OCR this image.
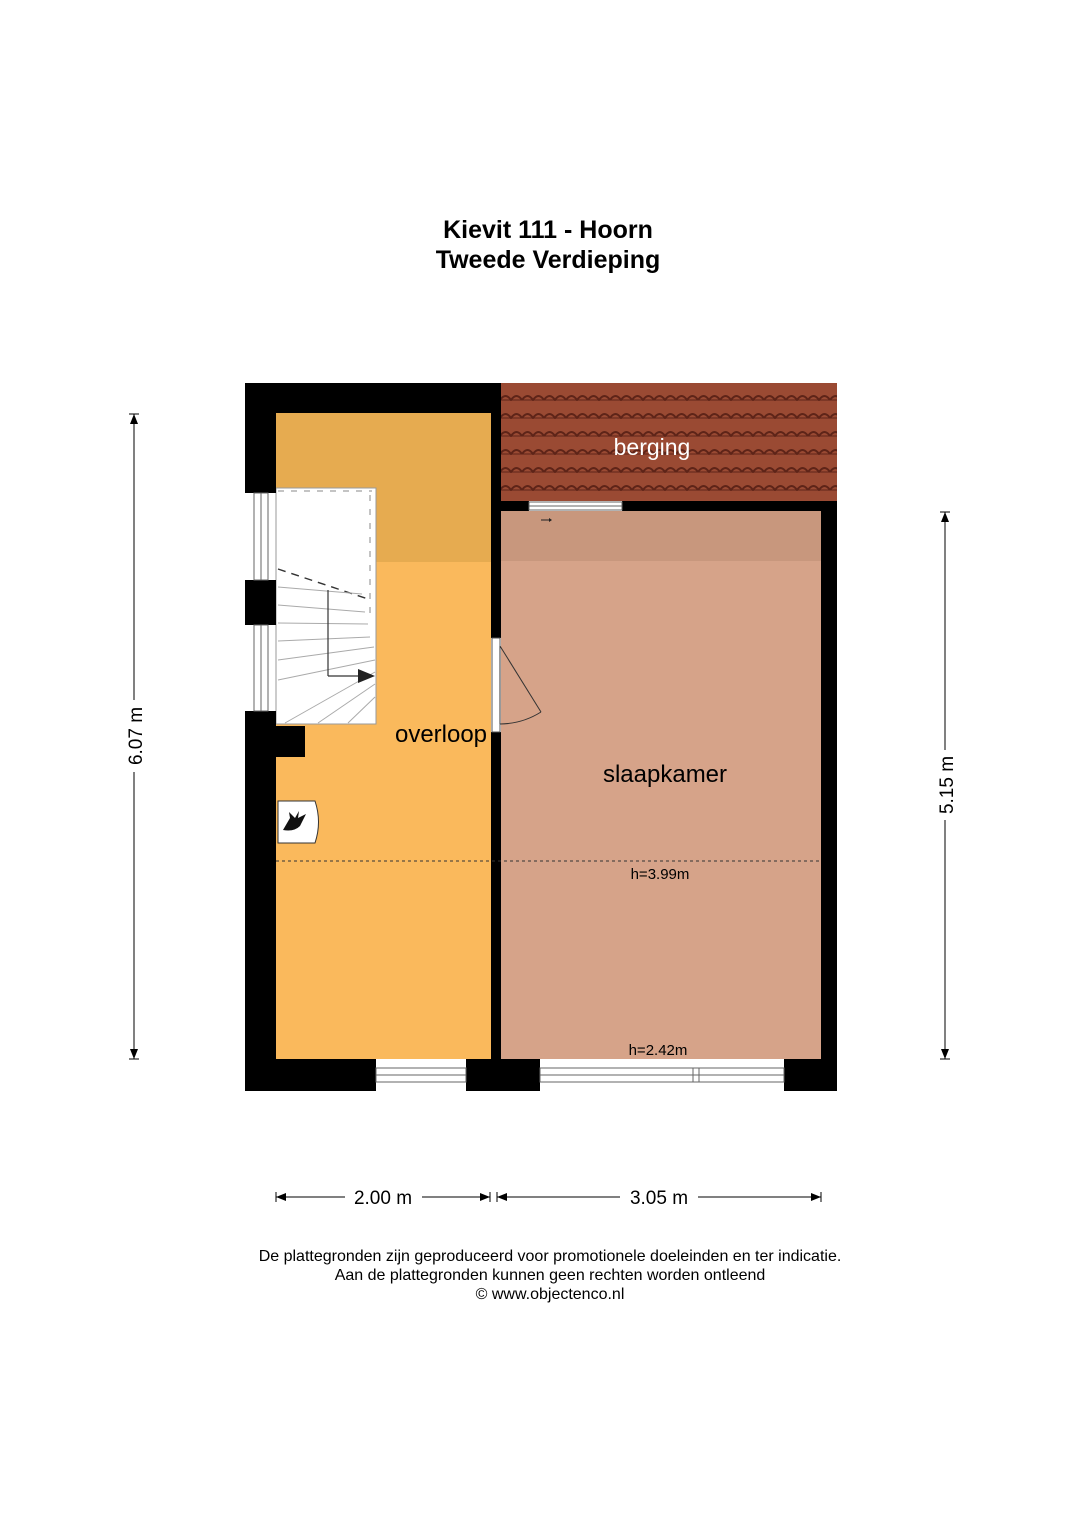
Kievit 111 - Hoorn
Tweede Verdieping
berging
overloop
slaapkamer
h=3.99m
h=2.42m
6.07 m
5.15 m
2.00 m	3.05 m
De plattegronden zijn geproduceerd voor promotionele doeleinden en ter indicatie.
Aan de plattegronden kunnen geen rechten worden ontleend
© www.objectenco.nl
